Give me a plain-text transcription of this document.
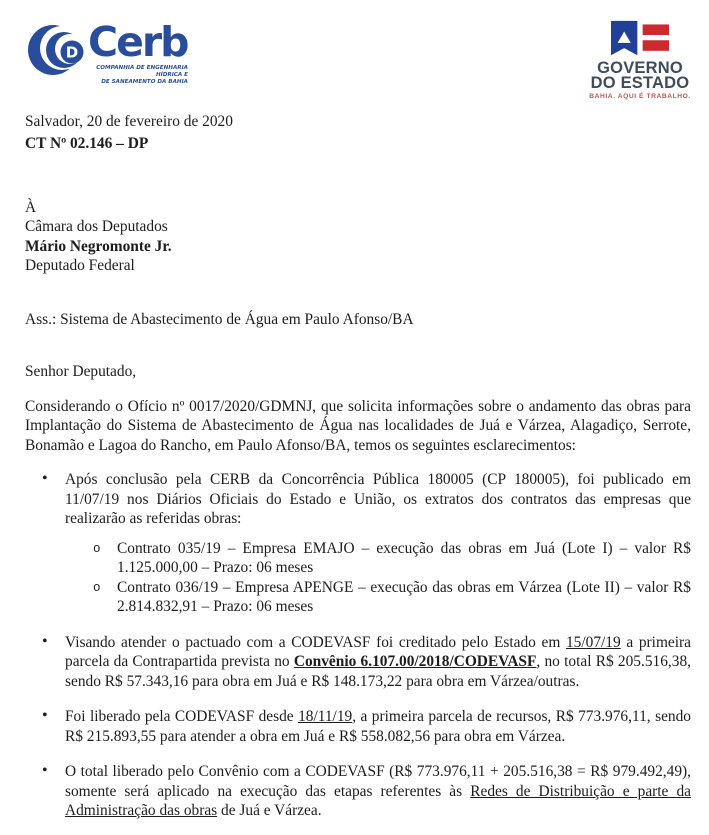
D Cerb
COMPANHIA DE ENGENHARIA HÍDRICA E
DE SANEAMENTO DA BAHIA
GOVERNO
DO ESTADO
BAHIA. AQUI É TRABALHO.
Salvador, 20 de fevereiro de 2020
CT Nº 02.146 – DP
À
Câmara dos Deputados
Mário Negromonte Jr.
Deputado Federal
Ass.: Sistema de Abastecimento de Água em Paulo Afonso/BA
Senhor Deputado,

Considerando o Ofício nº 0017/2020/GDMNJ, que solicita informações sobre o andamento das obras para Implantação do Sistema de Abastecimento de Água nas localidades de Juá e Várzea, Alagadiço, Serrote, Bonamão e Lagoa do Rancho, em Paulo Afonso/BA, temos os seguintes esclarecimentos:

• Após conclusão pela CERB da Concorrência Pública 180005 (CP 180005), foi publicado em 11/07/19 nos Diários Oficiais do Estado e União, os extratos dos contratos das empresas que realizarão as referidas obras:
o Contrato 035/19 – Empresa EMAJO – execução das obras em Juá (Lote I) – valor R$ 1.125.000,00 – Prazo: 06 meses
o Contrato 036/19 – Empresa APENGE – execução das obras em Várzea (Lote II) – valor R$ 2.814.832,91 – Prazo: 06 meses
• Visando atender o pactuado com a CODEVASF foi creditado pelo Estado em 15/07/19 a primeira parcela da Contrapartida prevista no Convênio 6.107.00/2018/CODEVASF, no total R$ 205.516,38, sendo R$ 57.343,16 para obra em Juá e R$ 148.173,22 para obra em Várzea/outras.
• Foi liberado pela CODEVASF desde 18/11/19, a primeira parcela de recursos, R$ 773.976,11, sendo R$ 215.893,55 para atender a obra em Juá e R$ 558.082,56 para obra em Várzea.
• O total liberado pelo Convênio com a CODEVASF (R$ 773.976,11 + 205.516,38 = R$ 979.492,49), somente será aplicado na execução das etapas referentes às Redes de Distribuição e parte da Administração das obras de Juá e Várzea.
